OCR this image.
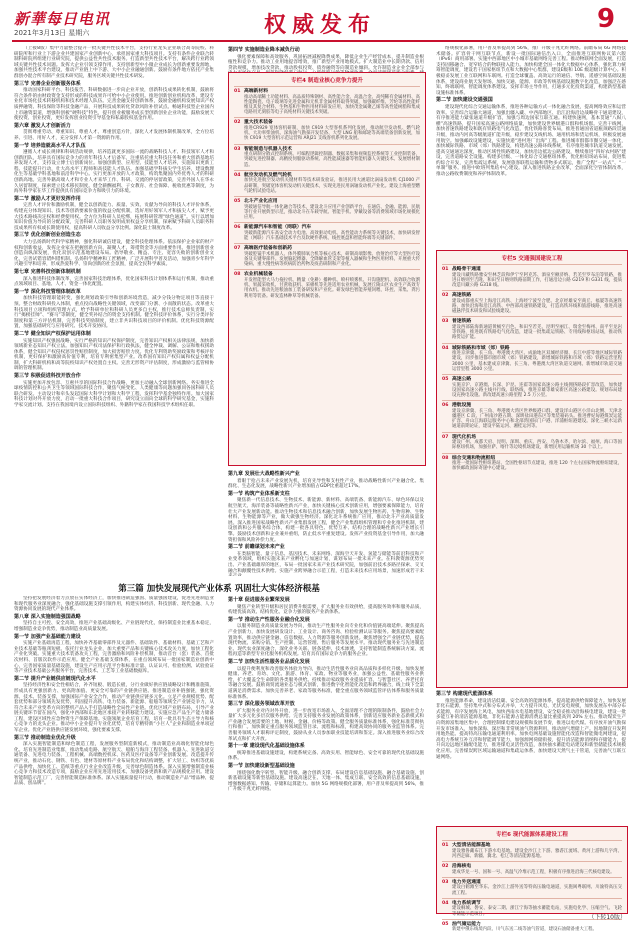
新華每日电讯
2021年3月13日 星期六	权威发布	9

（上接8版）集中力量整合提升一批关键共性技术平台，支持行业龙头企业联合高等院校、科研院所和行业上下游企业共建国家产业创新中心，承担国家重大科技项目。支持有条件企业联合转制科研院所组建行业研究院，提供公益性共性技术服务。打造新型共性技术平台，解决跨行业跨领域关键共性技术问题。发挥大企业引领支撑作用，支持创新型中小微企业成长为创新重要发源地，加强共性技术平台建设，推动产业链上中下游、大中小企业融通创新。鼓励有条件地方依托产业集群创办混合所有制产业技术研究院，服务区域关键共性技术研发。

第三节 完善企业创新服务体系

推动国家科研平台、科技报告、科研数据进一步向企业开放，创新科技成果转化机制，鼓励将符合条件的由财政资金支持形成的科技成果许可给中小企业使用。推进创新创业机构改革，建设专业化市场化技术转移机构和技术经理人队伍。完善金融支持创新体系，鼓励金融机构发展知识产权质押融资、科技保险等科技金融产品，开展科技成果转化贷款风险补偿试点。畅通科技型企业国内上市融资渠道，增强科创板“硬科技”特色，提升创业板服务成长型创新创业企业功能，鼓励发展天使投资、创业投资，更好发挥创业投资引导基金和私募股权基金作用。

第六章 激发人才创新活力

贯彻尊重劳动、尊重知识、尊重人才、尊重创造方针，深化人才发展体制机制改革，全方位培养、引进、用好人才，充分发挥人才第一资源的作用。

第一节 培养造就高水平人才队伍

遵循人才成长规律和科研活动规律，培养造就更多国际一流的战略科技人才、科技领军人才和创新团队，培养具有国际竞争力的青年科技人才后备军，注重依托重大科技任务和重大创新基地培养发现人才，支持设立博士后创新岗位。加强创新型、应用型、技能型人才培养，实施知识更新工程、技能提升行动，壮大高水平工程师和高技能人才队伍。加强基础学科拔尖学生培养，建设数理化生等基础学科基地和前沿科学中心。实行更加开放的人才政策，构筑集聚国内外优秀人才的科研创新高地。完善外籍高端人才和专业人才来华工作、科研、交流的停居留政策，完善外国人在华永久居留制度，探索建立技术移民制度。健全薪酬福利、子女教育、社会保障、税收优惠等制度，为海外科学家在华工作提供具有国际竞争力和吸引力的环境。

第二节 激励人才更好发挥作用

完善人才评价和激励机制，健全以创新能力、质量、实效、贡献为导向的科技人才评价体系，构建充分体现知识、技术等创新要素价值的收益分配机制，选好用好领军人才和拔尖人才，赋予更大技术路线决定权和经费使用权。全方位为科研人员松绑，拓展科研管理“绿色通道”。实行以增加知识价值为导向的分配政策，完善科研人员职务发明成果权益分享机制，探索赋予科研人员职务科技成果所有权或长期使用权，提高科研人员收益分享比例。深化院士制度改革。

第三节 优化创新创业创造生态

大力弘扬新时代科学家精神，强化科研诚信建设，健全科技伦理体系。依法保护企业家的财产权和创新收益，发挥企业家在把握创新方向、凝聚人才、筹措资金等方面重要作用。推进创新创业创造向纵深发展，优化双创示范基地建设布局。倡导敬业、精益、专注、宽容失败的创新创业文化，完善试错容错纠错机制。弘扬科学精神和工匠精神，广泛开展科学普及活动，加强青少年科学兴趣引导和培养，形成热爱科学、崇尚创新的社会氛围，提高全民科学素质。

第七章 完善科技创新体制机制

深入推进科技体制改革，完善国家科技治理体系，优化国家科技计划体系和运行机制，推动重点领域项目、基地、人才、资金一体化配置。

第一节 深化科技管理体制改革

加快科技管理职能转变，强化规划政策引导和创新环境营造，减少分钱分物定项目等直接干预。整合财政科研投入体制，重点投向战略性关键领域，改变部门分割、小而散的状态。改革重大科技项目立项和组织管理方式，给予科研单位和科研人员更多自主权，推行技术总师负责制，实行“揭榜挂帅”、“赛马”等制度，健全奖补结合的资金支持机制。健全科技评价体系，实行分类评价制度和第三方评估机制，完善科技奖励制度，建立非共识科技项目的评价机制。优化科技资源配置，加强基础研究与应用研究、技术开发协同。

第二节 健全知识产权保护运用体制

实施知识产权强国战略，实行严格的知识产权保护制度，完善知识产权相关法律法规，加快新领域新业态知识产权立法。加强知识产权司法保护和行政执法，健全仲裁、调解、公证和维权援助体系，健全知识产权侵权惩罚性赔偿制度，加大损害赔偿力度。优化专利资助奖励政策和考核评价机制，更好保护和激励高价值专利，培育专利密集型产业。改革国有知识产权归属和权益分配机制，扩大科研机构和高等院校知识产权处置自主权。完善无形资产评估制度，形成激励与监管相协调的管理机制。

第三节 积极促进科技开放合作

实施更加开放包容、互惠共享的国际科技合作战略，更加主动融入全球创新网络。务实推进全球疫情防控和公共卫生等领域国际科技合作，聚焦气候变化、人类健康等问题加强同各国科研人员联合研发。主动设计和牵头发起国际大科学计划和大科学工程，发挥科学基金独特作用。加大国家科技计划对外开放力度，启动一批重大科技合作项目，研究设立面向全球的科学研究基金，实施科学家交流计划。支持在我国境内设立国际科技组织、外籍科学家在我国科技学术组织任职。

第四节 实施制造业降本减负行动

强化要素保障和高效服务，巩固拓展减税降费成果，降低企业生产经营成本，提升制造业根植性和竞争力。推动工业用地提容增效，推广新型产业用地模式。扩大制造业中长期贷款、信用贷款规模，增加技改贷款，推动股权投资、债券融资等向制造业倾斜。允许制造业企业全部参与

专栏4 制造业核心竞争力提升
01 高端新材料
推动高端稀土功能材料、高品质特殊钢材、高性能合金、高温合金、高纯稀有金属材料、高性能陶瓷、电子玻璃等先进金属和无机非金属材料取得突破，加强碳纤维、芳纶等高性能纤维及其复合材料、生物基和生物医用材料研发应用，加快茂金属聚乙烯等高性能树脂和集成电路用光刻胶等电子高纯材料关键技术突破。
02 重大技术装备
推进CR929 宽体客机研制，加快 C919 大型客机系列化发展，推动航空发动机、燃气轮机、大功率柴油机、深海油气勘探开发装备、大型 LNG 船和邮轮等高端装备创新发展，加快 C919 大型客机示范运营和 ARJ21 支线客机系列化发展。
03 智能制造与机器人技术
重点研制分散式控制系统、可编程逻辑控制器、数据采集和视频监控系统等工业控制装备，突破先进控制器、高精度伺服驱动系统、高性能减速器等智能机器人关键技术。发展增材制造。
04 航空发动机及燃气轮机
加快先进航空发动机关键材料等技术研发验证，推进民用大涵道比涡扇发动机 CJ1000 产品研制，突破宽体客机发动机关键技术，实现先进民用涡轴发动机产业化。建设上海重型燃气轮机试验电站。
05 北斗产业化应用
突破通信导航一体化融合等技术，建设北斗应用产业创新平台，在通信、金融、能源、民航等行业开展典型示范，推动北斗在车载导航、智能手机、穿戴设备等消费领域市场化规模化应用。
06 新能源汽车和智能（网联）汽车
突破新能源汽车高安全动力电池、高效驱动电机、高性能动力系统等关键技术，加快研发智能（网联）汽车基础技术平台及软硬件系统、线控底盘和智能终端等关键部件。
07 高端医疗装备和创新药
突破腔镜手术机器人、体外膜肺氧合机等核心技术，研制高端影像、放射治疗等大型医疗设备及关键零部件。发展脑起搏器、全降解血管支架等植入器械和生物医用材料。开展重大传染病、重大慢性病等疾病防治药物及疫苗研制和产业化。
08 农业机械装备
开发智能型大马力拖拉机、精量（免耕）播种机、喷杆喷雾机、开沟施肥机、高效联合收割机、果蔬采收机、甘蔗收获机、采棉机等先进适用农业机械，发展丘陵山区农业生产高效专用农机。推动先进粮油加工装备研发和产业化。研发绿色智能养殖饲喂、环控、采集、粪污利用等装备。研发造林种草等机械装备。
第九章 发展壮大战略性新兴产业

着眼于抢占未来产业发展先机，培育先导性和支柱性产业，推动战略性新兴产业融合化、集群化、生态化发展，战略性新兴产业增加值占GDP比重超过17%。

第一节 构筑产业体系新支柱

聚焦新一代信息技术、生物技术、新能源、新材料、高端装备、新能源汽车、绿色环保以及航空航天、海洋装备等战略性新兴产业，加快关键核心技术创新应用，增强要素保障能力，培育壮大产业发展新动能。推动生物技术和信息技术融合创新，加快发展生物医药、生物育种、生物材料、生物能源等产业，做大做强生物经济。深化北斗系统推广应用，推动北斗产业高质量发展。深入推进国家战略性新兴产业集群发展工程，健全产业集群组织管理和专业化推进机制，建设创新和公共服务综合体，构建一批各具特色、优势互补、结构合理的战略性新兴产业增长引擎。鼓励技术创新和企业兼并重组，防止低水平重复建设。发挥产业投资基金引导作用，加大融资担保和风险补偿力度。

第二节 前瞻谋划未来产业

在类脑智能、量子信息、基因技术、未来网络、深海空天开发、氢能与储能等前沿科技和产业变革领域，组织实施未来产业孵化与加速计划，谋划布局一批未来产业。在科教资源优势突出、产业基础雄厚的地区，布局一批国家未来产业技术研究院，加强前沿技术多路径探索、交叉融合和颠覆性技术供给。实施产业跨界融合示范工程，打造未来技术应用场景，加速形成若干未

第三篇 加快发展现代产业体系 巩固壮大实体经济根基

坚持把发展经济着力点放在实体经济上，加快推进制造强国、质量强国建设，促进先进制造业和现代服务业深度融合，强化基础设施支撑引领作用，构建实体经济、科技创新、现代金融、人力资源协同发展的现代产业体系。

第八章 深入实施制造强国战略

坚持自主可控、安全高效，推进产业基础高级化、产业链现代化，保持制造业比重基本稳定，增强制造业竞争优势，推动制造业高质量发展。

第一节 加强产业基础能力建设

实施产业基础再造工程，加快补齐基础零部件及元器件、基础软件、基础材料、基础工艺和产业技术基础等瓶颈短板。依托行业龙头企业，加大重要产品和关键核心技术攻关力度，加快工程化产业化突破。实施重大技术装备攻关工程，完善激励和风险补偿机制，推动首台（套）装备、首批次材料、首版次软件示范应用。健全产业基础支撑体系，在重点领域布局一批国家制造业创新中心，完善国家质量基础设施，建设生产应用示范平台和标准计量、认证认可、检验检测、试验验证等产业技术基础公共服务平台，完善技术、工艺等工业基础数据库。

第二节 提升产业链供应链现代化水平

坚持经济性和安全性相结合，补齐短板、锻造长板，分行业做好供应链战略设计和精准施策，形成具有更强创新力、更高附加值、更安全可靠的产业链供应链。推进制造业补链强链，强化资源、技术、装备支撑，加强国际产业安全合作，推动产业链供应链多元化。立足产业规模优势、配套优势和部分领域先发优势，巩固提升高铁、电力装备、新能源、船舶等领域全产业链竞争力，从符合未来产业变革方向的整机产品入手打造战略性全局性产业链。优化区域产业链布局，引导产业链关键环节留在国内，强化中西部和东北地区承接产业转移能力建设。实施应急产品生产能力储备工程，建设区域性应急物资生产保障基地。实施领航企业培育工程，培育一批具有生态主导力和核心竞争力的龙头企业。推动中小企业提升专业化优势，培育专精特新“小巨人”企业和制造业单项冠军企业。优化产业链供应链发展环境，强化要素支撑。

第三节 推动制造业优化升级

深入实施智能制造和绿色制造工程，发展服务型制造新模式，推动制造业高端化智能化绿色化。培育先进制造业集群，推动集成电路、航空航天、船舶与海洋工程装备、机器人、先进轨道交通装备、先进电力装备、工程机械、高端数控机床、医药及医疗设备等产业创新发展。改造提升传统产业，推动石化、钢铁、有色、建材等原材料产业布局优化和结构调整，扩大轻工、纺织等优质产品供给，加快化工、造纸等重点行业企业改造升级，完善绿色制造体系。深入实施增强制造业核心竞争力和技术改造专项，鼓励企业应用先进适用技术、加强设备更新和新产品规模化应用。建设智能制造示范工厂，完善智能制造标准体系。深入实施质量提升行动，推动制造业产品“增品种、提品质、创品牌”。

第十章 促进服务业繁荣发展

聚焦产业转型升级和居民消费升级需要，扩大服务业有效供给，提高服务效率和服务品质，构建优质高效、结构优化、竞争力强的服务产业新体系。

第一节 推动生产性服务业融合化发展

以服务制造业高质量发展为导向，推动生产性服务业向专业化和价值链高端延伸。聚焦提高产业创新力，加快发展研发设计、工业设计、商务咨询、检验检测认证等服务。聚焦提高要素配置效率，推动供应链金融、信息数据、人力资源等服务创新发展。聚焦增强全产业链优势，提高现代物流、采购分销、生产控制、运营管理、售后服务等发展水平。推动现代服务业与先进制造业、现代农业深度融合，深化业务关联、链条延伸、技术渗透，支持智能制造系统解决方案、流程再造等新型专业化服务机构发展。培育具有国际竞争力的服务企业。

第二节 加快生活性服务业品质化发展

以提升便利度和改善服务体验为导向，推动生活性服务业向高品质和多样化升级。加快发展健康、养老、育幼、文化、旅游、体育、家政、物业等服务业，加强公益性、基础性服务业供给，扩大覆盖全生命期的各类服务供给。持续推动家政服务业提质扩容，与智慧社区、养老托育等融合发展。鼓励商贸流通业态与模式创新，推进数字化智能化改造和跨界融合，线上线下全渠道满足消费需求。加快完善养老、家政等服务标准，健全重点服务领域监管评估体系和服务质量标准体系。

第三节 深化服务领域改革开放

扩大服务业对内对外开放，进一步放宽市场准入，全面清理不合理的限制条件，鼓励社会力量扩大多元化多层次服务供给。完善支持服务业发展的政策体系，创新适应服务新业态新模式和产业融合发展需要的土地、财税、金融、价格等政策。健全服务质量标准体系，强化标准贯彻执行和推广。加快制定重点服务领域监管目录、流程和标准，构建高效协同的服务业监管体系。完善服务领域人才职称评定制度，鼓励从业人员参加职业技能培训和鉴定。深入推进服务业综合改革试点和扩大开放。

第十一章 建设现代化基础设施体系

统筹推进基础设施建设，构建系统完备、高效实用、智能绿色、安全可靠的现代化基础设施体系。

第一节 加快建设新型基础设施

围绕强化数字转型、智能升级、融合创新支撑，布局建设信息基础设施、融合基础设施、创新基础设施等新型基础设施。建设高速泛在、天地一体、集成互联、安全高效的信息基础设施，增强数据感知、传输、存储和运算能力。加快 5G 网络规模化部署，用户普及率提高到 56%，推广升级千兆光纤网络。

络规模化部署，用户普及率提高到 56%，推广升级千兆光纤网络。前瞻布局 6G 网络技术储备。扩容骨干网互联节点，新设一批国际通信出入口，全面推进互联网协议第六版（IPv6）商用部署。实施中西部地区中小城市基础网络完善工程。推动物联网全面发展，打造支持固移融合、宽窄结合的物联接入能力。加快构建全国一体化大数据中心体系，强化算力统筹智能调度，建设若干国家枢纽节点和大数据中心集群，建设E级和 10E 级超级计算中心。积极稳妥发展工业互联网和车联网。打造全球覆盖、高效运行的通信、导航、遥感空间基础设施体系，建设商业航天发射场。加快交通、能源、市政等传统基础设施数字化改造，加强泛在感知、终端联网、智能调度体系建设。发挥市场主导作用，打通多元化投资渠道，构建新型基础设施标准体系。

第二节 加快建设交通强国

建设现代化综合交通运输体系，推进各种运输方式一体化融合发展，提高网络效应和运营效率。完善综合运输大通道，加强出疆入藏、中西部地区、沿江沿海沿边战略骨干通道建设，有序推进能力紧张通道升级扩容，加强与周边国家互联互通。构建快速网，基本贯通“八纵八横”高速铁路，提升国家高速公路网络质量，加快建设世界级港口群和机场群。完善干线网，加快普速铁路建设和既有铁路电气化改造，优化铁路客货布局，推进普通国省道瓶颈路段贯通升级，推动内河高等级航道扩能升级，稳步建设支线机场、通用机场和货运机场，积极发展通用航空。加强邮政设施建设，实施快递“进村进厂出海”工程。推进城市群都市圈交通一体化，加快城际铁路、市域（郊）铁路建设，构建高速公路环线系统，有序推进城市轨道交通发展。提高交通通达深度，推动区域性铁路建设，加快沿边抵边公路建设，继续推进“四好农村路”建设，完善道路安全设施。构建多层级、一体化综合交通枢纽体系，优化枢纽场站布局，促进集约综合开发，完善集疏运系统，发展旅客联程运输和货物多式联运，推广全程“一站式”、“一单制”服务。推进中欧班列集结中心建设。深入推进铁路企业改革，全面深化空管体制改革，推动公路收费制度和养护体制改革。

专栏5 交通强国建设工程
01 战略骨干通道
建设川藏铁路雅安至林芝段和伊宁至阿克苏、酒泉至额济纳、若羌至罗布泊等铁路，推进日喀则至吉隆、和田至日喀则铁路前期工作，打通沿边公路 G219 和 G331 线，提质改造川藏公路 G318 线。
02 高速铁路
建设成都重庆至上海沿江高铁、上海经宁波至合肥、北京经雄安至商丘、福厦等高速铁路，加快沿海和沿江高铁、中西部高速铁路建设，打造高铁环线和旅游线路，推进高速磁悬浮技术研发和试验线建设。
03 普速铁路
建设西部陆海新通道黄桶至百色、和田至若羌、昆明至丽江、瑞金至梅州、南平至龙岩等铁路，推进既有铁路电气化改造，建设一批集疏运铁路、专用线和枢纽站场，推动铁路货运扩能。
04 城际铁路和市域（郊）铁路
推进京津冀、长三角、粤港澳大湾区、成渝地区双城经济圈、长江中游等地区城际铁路建设，同步推进都市圈市域（郊）铁路建设，新增城际铁路和市域（郊）铁路运营里程 3000 公里，基本建成京津冀、长三角、粤港澳大湾区轨道交通网。新增城市轨道交通运营里程 3000 公里。
05 高速公路
实施京沪、京港澳、长深、沪昆、连霍等国家高速公路主线拥挤路段扩容改造，加快建设国家高速公路主线并行线、联络线，推进京雄等雄安新区高速公路建设。规划布局建设充换电设施。新改建高速公路里程 2.5 万公里。
06 港航设施
建设京津冀、长三角、粤港澳大湾区世界级港口群，建设洋山港区小洋山北侧、天津北疆港区 C 段、广州南沙港五期、深圳盐田港东区等集装箱码头。推进曹妃甸港煤炭运能扩容、舟山江海联运服务中心和北部湾国际门户港、洋浦枢纽港建设。深化三峡水运新通道前期论证，建设平陆运河、湘桂运河等。
07 现代化机场
建设广州、成都天府、昆明、深圳、重庆、西安、乌鲁木齐、哈尔滨、福州、海口等国际枢纽机场，加强拉萨、喀什等边境机场建设，新增民用运输机场 30 个以上。
08 综合交通和物流枢纽
推进一批国际性枢纽港站、全国性枢纽节点建设，推进 120 个左右国家物流枢纽建设，加快邮政国际寄递中心建设。
第三节 构建现代能源体系

推进能源革命，建设清洁低碳、安全高效的能源体系，提高能源供给保障能力。加快发展非化石能源，坚持集中式和分布式并举，大力提升风电、光伏发电规模，加快发展东中部分布式能源，有序发展海上风电，加快西南水电基地建设，安全稳妥推动沿海核电建设，建设一批多能互补的清洁能源基地，非化石能源占能源消费总量比重提高到 20% 左右。推动煤炭生产向资源富集地区集中，合理控制煤电建设规模和发展节奏，推进以电代煤。有序放开油气勘探开发市场准入，加快深海、深层和非常规油气资源利用，推动油气增储上产。因地制宜开发利用地热能。提高特高压输电通道利用率。加快电网基础设施智能化改造和智能微电网建设，提高电力系统互补互济和智能调节能力，加强源网荷储衔接，提升清洁能源消纳和存储能力，提升向边远地区输配电能力，推进煤电灵活性改造，加快抽水蓄能电站建设和新型储能技术规模化应用。完善煤炭跨区域运输通道和集疏运体系，加快建设天然气主干管道，完善油气互联互通网络。

专栏6 现代能源体系建设工程
01 大型清洁能源基地
建设雅鲁藏布江下游水电基地。建设金沙江上下游、雅砻江流域、黄河上游和几字湾、河西走廊、新疆、冀北、松辽等清洁能源基地。
02 沿海核电
建成华龙一号、国和一号、高温气冷堆示范工程，积极有序推进沿海三代核电建设。
03 电力外送通道
建设白鹤滩至华东、金沙江上游外送等特高压输电通道，实施闽粤联网、川渝特高压交流工程。
04 电力系统调节
建设桐城、磐安、泰安二期、浙江宁海等抽水蓄能电站，实施电化学、压缩空气、飞轮等储能示范项目。
05 油气储运能力
新建中俄东线境内段、川气东送二线等油气管道，建设石油储备重大工程。
（下转10版）
